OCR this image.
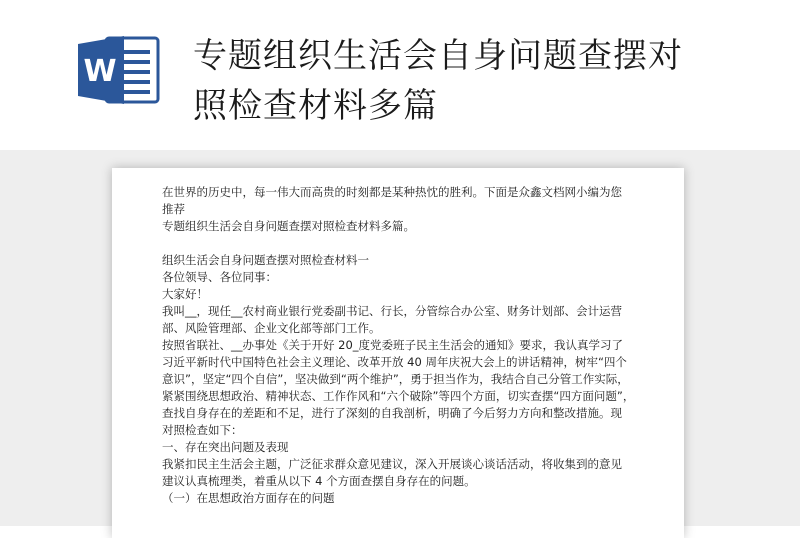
W 专题组织生活会自身问题查摆对
照检查材料多篇
在世界的历史中，每一伟大而高贵的时刻都是某种热忱的胜利。下面是众鑫文档网小编为您
推荐
专题组织生活会自身问题查摆对照检查材料多篇。
组织生活会自身问题查摆对照检查材料一
各位领导、各位同事：
大家好！
我叫__，现任__农村商业银行党委副书记、行长，分管综合办公室、财务计划部、会计运营
部、风险管理部、企业文化部等部门工作。
按照省联社、__办事处《关于开好 20_度党委班子民主生活会的通知》要求，我认真学习了
习近平新时代中国特色社会主义理论、改革开放 40 周年庆祝大会上的讲话精神，树牢“四个
意识”，坚定“四个自信”，坚决做到“两个维护”，勇于担当作为，我结合自己分管工作实际，
紧紧围绕思想政治、精神状态、工作作风和“六个破除”等四个方面，切实查摆“四方面问题”，
查找自身存在的差距和不足，进行了深刻的自我剖析，明确了今后努力方向和整改措施。现
对照检查如下：
一、存在突出问题及表现
我紧扣民主生活会主题，广泛征求群众意见建议，深入开展谈心谈话活动，将收集到的意见
建议认真梳理类，着重从以下 4 个方面查摆自身存在的问题。
（一）在思想政治方面存在的问题
